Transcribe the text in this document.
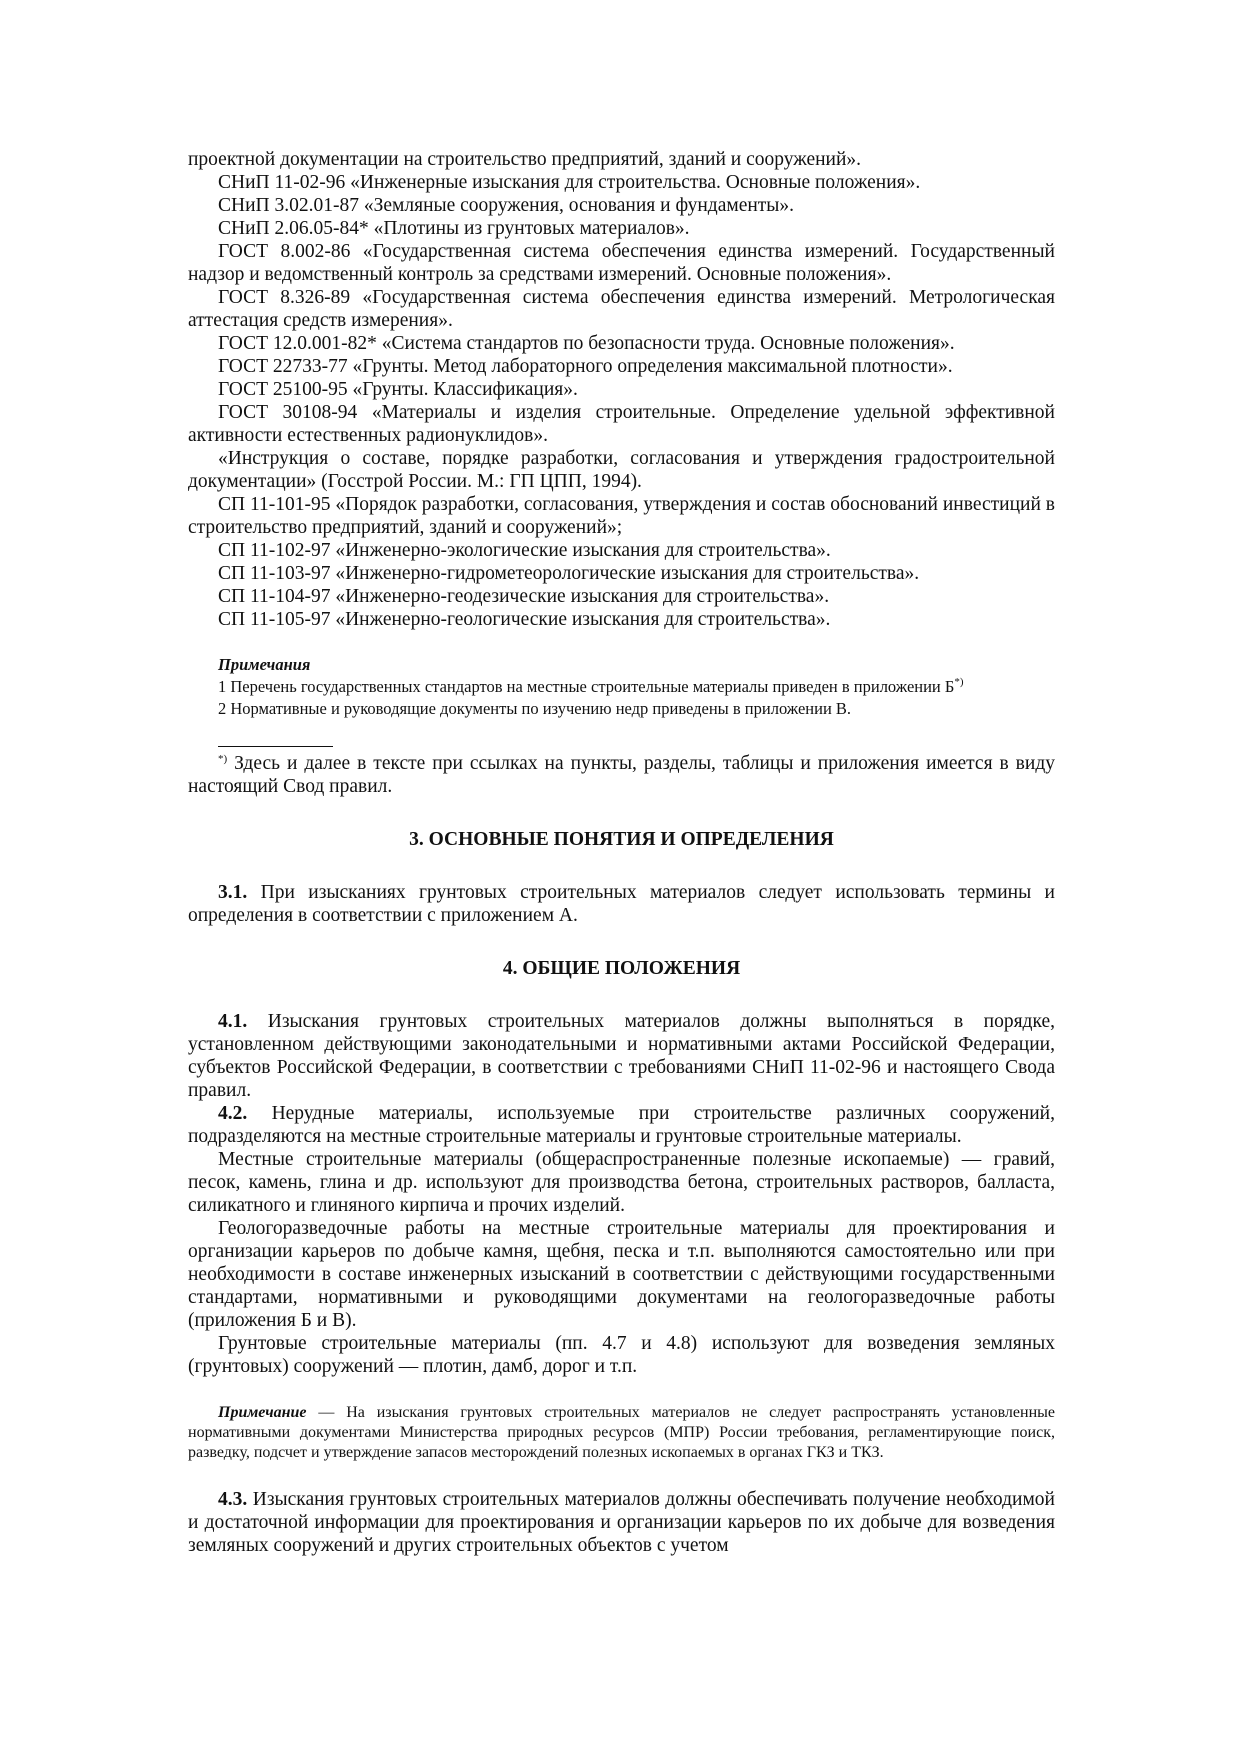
проектной документации на строительство предприятий, зданий и сооружений».

СНиП 11-02-96 «Инженерные изыскания для строительства. Основные положения».

СНиП 3.02.01-87 «Земляные сооружения, основания и фундаменты».

СНиП 2.06.05-84* «Плотины из грунтовых материалов».

ГОСТ 8.002-86 «Государственная система обеспечения единства измерений. Государственный надзор и ведомственный контроль за средствами измерений. Основные положения».

ГОСТ 8.326-89 «Государственная система обеспечения единства измерений. Метрологическая аттестация средств измерения».

ГОСТ 12.0.001-82* «Система стандартов по безопасности труда. Основные положения».

ГОСТ 22733-77 «Грунты. Метод лабораторного определения максимальной плотности».

ГОСТ 25100-95 «Грунты. Классификация».

ГОСТ 30108-94 «Материалы и изделия строительные. Определение удельной эффективной активности естественных радионуклидов».

«Инструкция о составе, порядке разработки, согласования и утверждения градостроительной документации» (Госстрой России. М.: ГП ЦПП, 1994).

СП 11-101-95 «Порядок разработки, согласования, утверждения и состав обоснований инвестиций в строительство предприятий, зданий и сооружений»;

СП 11-102-97 «Инженерно-экологические изыскания для строительства».

СП 11-103-97 «Инженерно-гидрометеорологические изыскания для строительства».

СП 11-104-97 «Инженерно-геодезические изыскания для строительства».

СП 11-105-97 «Инженерно-геологические изыскания для строительства».

Примечания

1 Перечень государственных стандартов на местные строительные материалы приведен в приложении Б*)

2 Нормативные и руководящие документы по изучению недр приведены в приложении В.

*) Здесь и далее в тексте при ссылках на пункты, разделы, таблицы и приложения имеется в виду настоящий Свод правил.

3. ОСНОВНЫЕ ПОНЯТИЯ И ОПРЕДЕЛЕНИЯ

3.1. При изысканиях грунтовых строительных материалов следует использовать термины и определения в соответствии с приложением А.

4. ОБЩИЕ ПОЛОЖЕНИЯ

4.1. Изыскания грунтовых строительных материалов должны выполняться в порядке, установленном действующими законодательными и нормативными актами Российской Федерации, субъектов Российской Федерации, в соответствии с требованиями СНиП 11-02-96 и настоящего Свода правил.

4.2. Нерудные материалы, используемые при строительстве различных сооружений, подразделяются на местные строительные материалы и грунтовые строительные материалы.

Местные строительные материалы (общераспространенные полезные ископаемые) — гравий, песок, камень, глина и др. используют для производства бетона, строительных растворов, балласта, силикатного и глиняного кирпича и прочих изделий.

Геологоразведочные работы на местные строительные материалы для проектирования и организации карьеров по добыче камня, щебня, песка и т.п. выполняются самостоятельно или при необходимости в составе инженерных изысканий в соответствии с действующими государственными стандартами, нормативными и руководящими документами на геологоразведочные работы (приложения Б и В).

Грунтовые строительные материалы (пп. 4.7 и 4.8) используют для возведения земляных (грунтовых) сооружений — плотин, дамб, дорог и т.п.

Примечание — На изыскания грунтовых строительных материалов не следует распространять установленные нормативными документами Министерства природных ресурсов (МПР) России требования, регламентирующие поиск, разведку, подсчет и утверждение запасов месторождений полезных ископаемых в органах ГКЗ и ТКЗ.

4.3. Изыскания грунтовых строительных материалов должны обеспечивать получение необходимой и достаточной информации для проектирования и организации карьеров по их добыче для возведения земляных сооружений и других строительных объектов с учетом
